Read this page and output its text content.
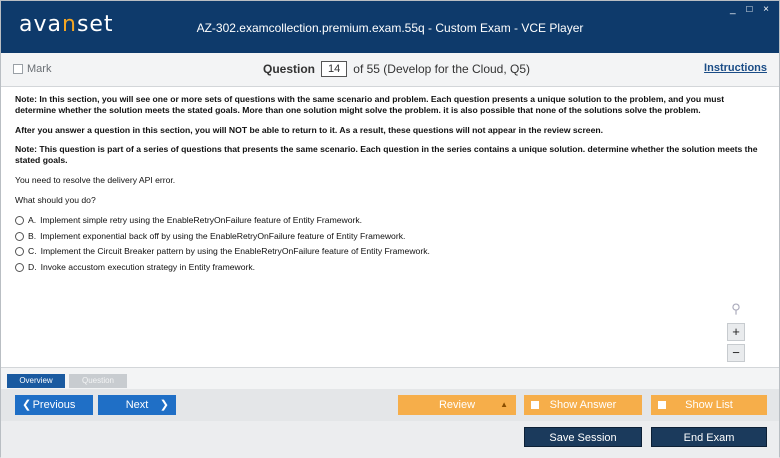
avanset	AZ-302.examcollection.premium.exam.55q - Custom Exam - VCE Player
_ □ ×
Mark	Question	14	of 55 (Develop for the Cloud, Q5)	Instructions

Note: In this section, you will see one or more sets of questions with the same scenario and problem. Each question presents a unique solution to the problem, and you must determine whether the solution meets the stated goals. More than one solution might solve the problem. it is also possible that none of the solutions solve the problem.

After you answer a question in this section, you will NOT be able to return to it. As a result, these questions will not appear in the review screen.

Note: This question is part of a series of questions that presents the same scenario. Each question in the series contains a unique solution. determine whether the solution meets the stated goals.

You need to resolve the delivery API error.

What should you do?

A. Implement simple retry using the EnableRetryOnFailure feature of Entity Framework.
B. Implement exponential back off by using the EnableRetryOnFailure feature of Entity Framework.
C. Implement the Circuit Breaker pattern by using the EnableRetryOnFailure feature of Entity Framework.
D. Invoke accustom execution strategy in Entity framework.
⚲
+
−
Overview	Question
❮ Previous	Next ❯	Review	▲	Show Answer	Show List
Save Session	End Exam
